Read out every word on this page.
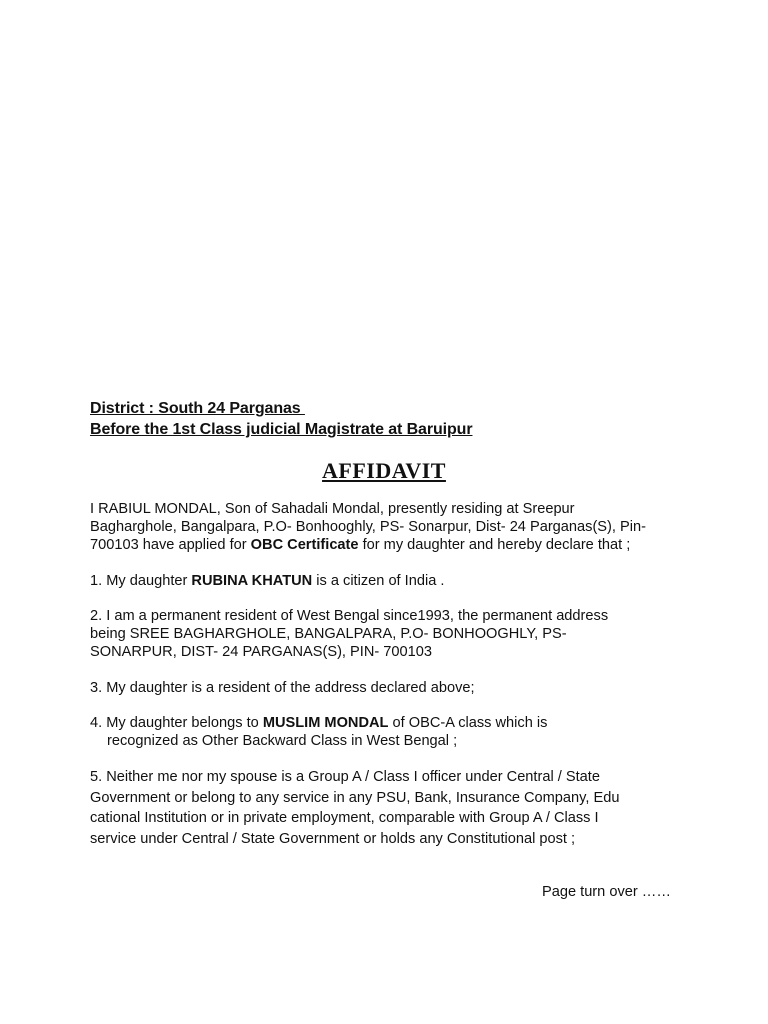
District : South 24 Parganas
Before the 1st Class judicial Magistrate at Baruipur
AFFIDAVIT
I RABIUL MONDAL, Son of Sahadali Mondal, presently residing at Sreepur
Bagharghole, Bangalpara, P.O- Bonhooghly, PS- Sonarpur, Dist- 24 Parganas(S), Pin-
700103 have applied for OBC Certificate for my daughter and hereby declare that ;
1. My daughter RUBINA KHATUN is a citizen of India .
2. I am a permanent resident of West Bengal since1993, the permanent address
being SREE BAGHARGHOLE, BANGALPARA, P.O- BONHOOGHLY, PS-
SONARPUR, DIST- 24 PARGANAS(S), PIN- 700103
3. My daughter is a resident of the address declared above;
4. My daughter belongs to MUSLIM MONDAL of OBC-A class which is
recognized as Other Backward Class in West Bengal ;
5. Neither me nor my spouse is a Group A / Class I officer under Central / State
Government or belong to any service in any PSU, Bank, Insurance Company, Edu
cational Institution or in private employment, comparable with Group A / Class I
service under Central / State Government or holds any Constitutional post ;
Page turn over ……
